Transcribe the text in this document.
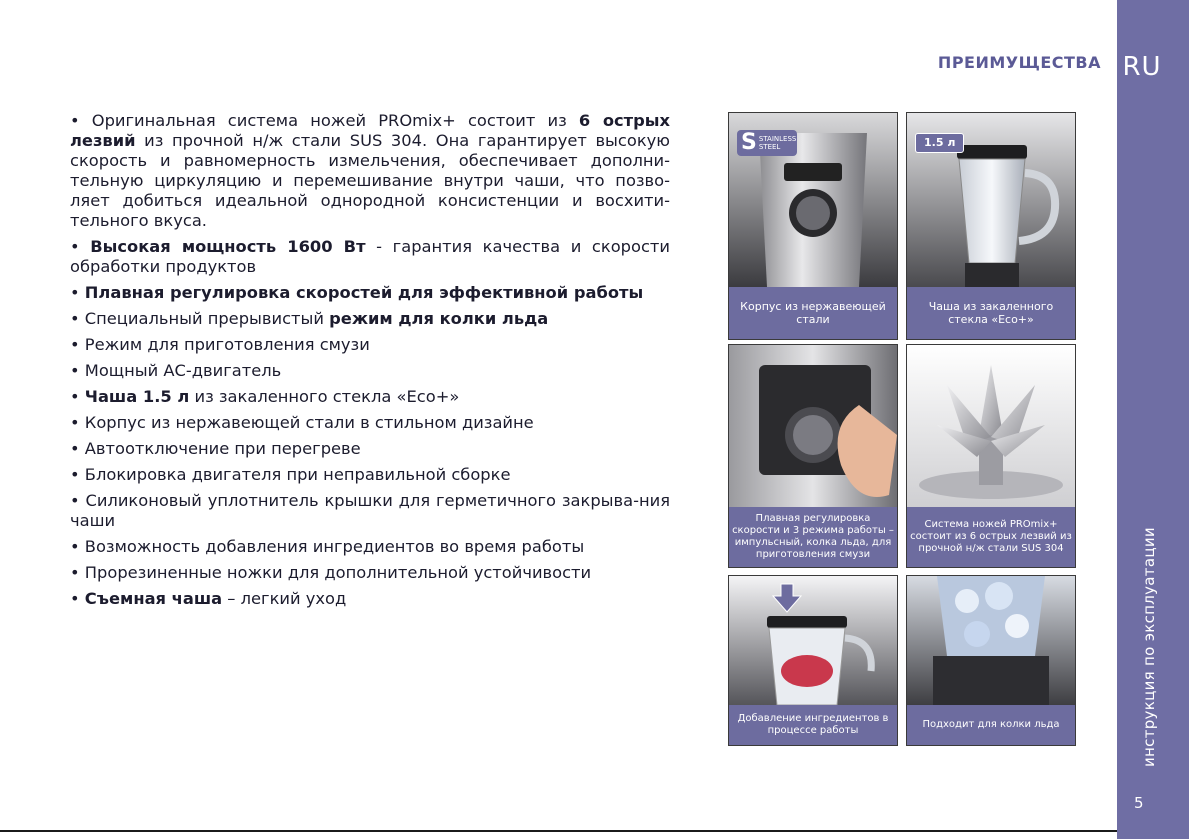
RU
инструкция по эксплуатации
5
ПРЕИМУЩЕСТВА

• Оригинальная система ножей PROmix+ состоит из 6 острых лезвий из прочной н/ж стали SUS 304. Она гарантирует высокую скорость и равномерность измельчения, обеспечивает дополни-тельную циркуляцию и перемешивание внутри чаши, что позво-ляет добиться идеальной однородной консистенции и восхити-тельного вкуса.

• Высокая мощность 1600 Вт - гарантия качества и скорости обработки продуктов

• Плавная регулировка скоростей для эффективной работы

• Специальный прерывистый режим для колки льда

• Режим для приготовления смузи

• Мощный АС-двигатель

• Чаша 1.5 л из закаленного стекла «Eco+»

• Корпус из нержавеющей стали в стильном дизайне

• Автоотключение при перегреве

• Блокировка двигателя при неправильной сборке

• Силиконовый уплотнитель крышки для герметичного закрыва-ния чаши

• Возможность добавления ингредиентов во время работы

• Прорезиненные ножки для дополнительной устойчивости

• Съемная чаша – легкий уход

S STAINLESS STEEL
Корпус из нержавеющей стали
1.5 л
Чаша из закаленного стекла «Eco+»
Плавная регулировка скорости и 3 режима работы – импульсный, колка льда, для приготовления смузи
Система ножей PROmix+ состоит из 6 острых лезвий из прочной н/ж стали SUS 304
Добавление ингредиентов в процессе работы
Подходит для колки льда
